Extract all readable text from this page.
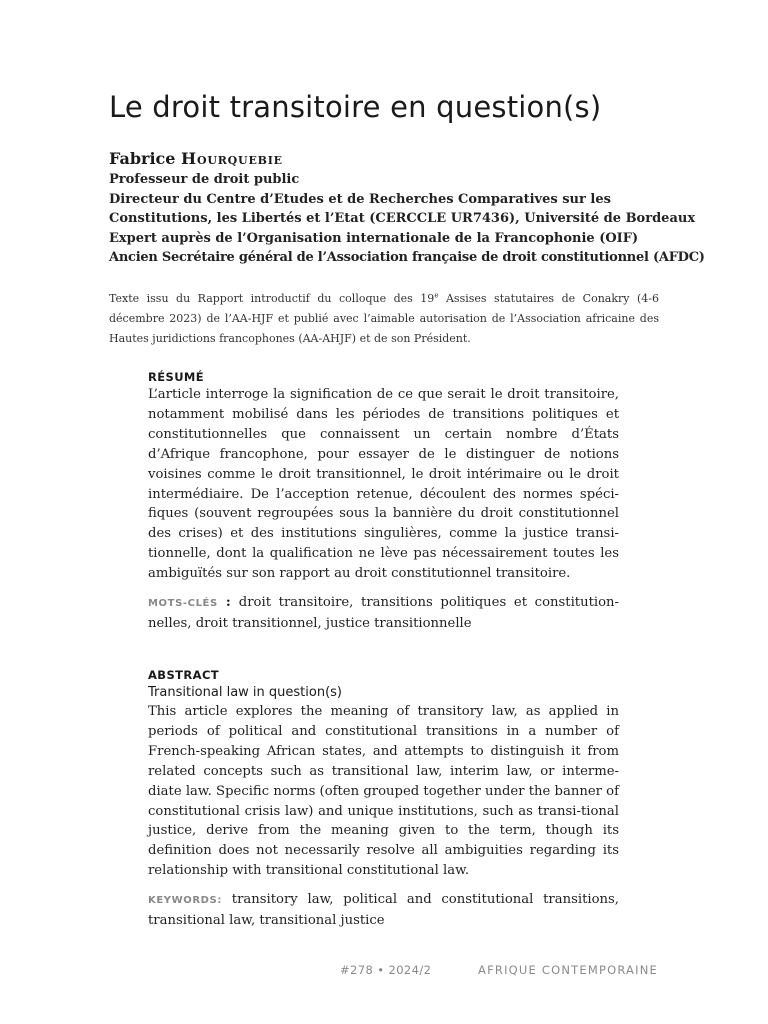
Le droit transitoire en question(s)
Fabrice Hourquebie
Professeur de droit public
Directeur du Centre d’Etudes et de Recherches Comparatives sur les
Constitutions, les Libertés et l’Etat (CERCCLE UR7436), Université de Bordeaux
Expert auprès de l’Organisation internationale de la Francophonie (OIF)
Ancien Secrétaire général de l’Association française de droit constitutionnel (AFDC)
Texte issu du Rapport introductif du colloque des 19e Assises statutaires de Conakry (4-6 décembre 2023) de l’AA-HJF et publié avec l’aimable autorisation de l’Association africaine des Hautes juridictions francophones (AA-AHJF) et de son Président.
RÉSUMÉ
L’article interroge la signification de ce que serait le droit transitoire, notamment mobilisé dans les périodes de transitions politiques et constitutionnelles que connaissent un certain nombre d’États d’Afrique francophone, pour essayer de le distinguer de notions voisines comme le droit transitionnel, le droit intérimaire ou le droit intermédiaire. De l’acception retenue, découlent des normes spéci-fiques (souvent regroupées sous la bannière du droit constitutionnel des crises) et des institutions singulières, comme la justice transi-tionnelle, dont la qualification ne lève pas nécessairement toutes les ambiguïtés sur son rapport au droit constitutionnel transitoire.
MOTS-CLÉS : droit transitoire, transitions politiques et constitution-nelles, droit transitionnel, justice transitionnelle
ABSTRACT
Transitional law in question(s)
This article explores the meaning of transitory law, as applied in periods of political and constitutional transitions in a number of French-speaking African states, and attempts to distinguish it from related concepts such as transitional law, interim law, or interme-diate law. Specific norms (often grouped together under the banner of constitutional crisis law) and unique institutions, such as transi-tional justice, derive from the meaning given to the term, though its definition does not necessarily resolve all ambiguities regarding its relationship with transitional constitutional law.
KEYWORDS: transitory law, political and constitutional transitions, transitional law, transitional justice
#278 • 2024/2	AFRIQUE CONTEMPORAINE
